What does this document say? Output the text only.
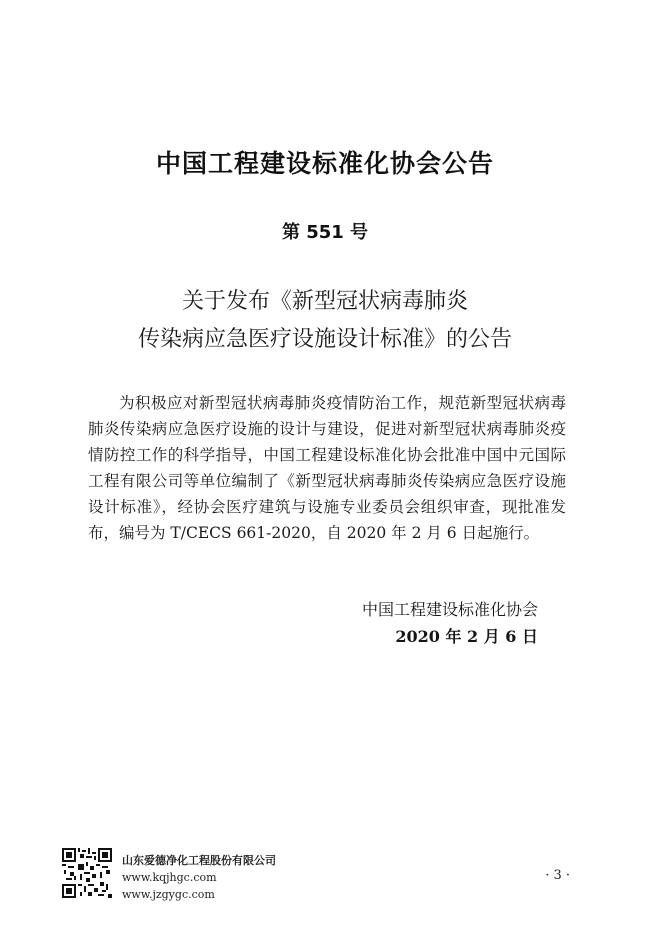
中国工程建设标准化协会公告
第 551 号
关于发布《新型冠状病毒肺炎
传染病应急医疗设施设计标准》的公告

为积极应对新型冠状病毒肺炎疫情防治工作，规范新型冠状病毒肺炎传染病应急医疗设施的设计与建设，促进对新型冠状病毒肺炎疫情防控工作的科学指导，中国工程建设标准化协会批准中国中元国际工程有限公司等单位编制了《新型冠状病毒肺炎传染病应急医疗设施设计标准》，经协会医疗建筑与设施专业委员会组织审查，现批准发布，编号为 T/CECS 661-2020，自 2020 年 2 月 6 日起施行。

中国工程建设标准化协会
2020 年 2 月 6 日
山东爱德净化工程股份有限公司
www.kqjhgc.com
www.jzgygc.com
· 3 ·
